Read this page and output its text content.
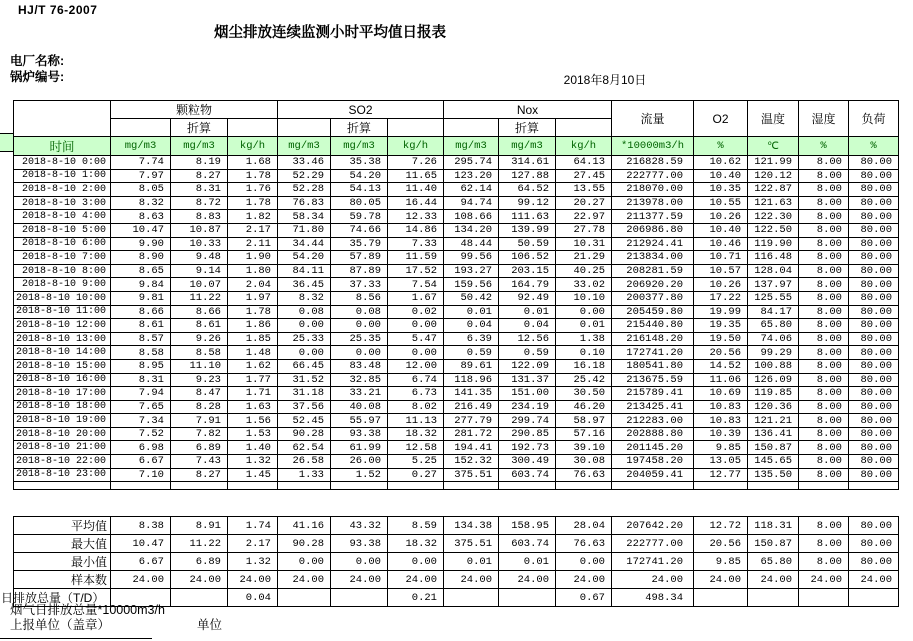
HJ/T 76-2007
烟尘排放连续监测小时平均值日报表
电厂名称:
锅炉编号:	2018年8月10日
	颗粒物			SO2			Nox			流量	O2	温度	湿度	负荷
		折算			折算			折算						
时间	mg/m3	mg/m3	kg/h	mg/m3	mg/m3	kg/h	mg/m3	mg/m3	kg/h	*10000m3/h	%	℃	%	%
2018-8-10 0:00	7.74	8.19	1.68	33.46	35.38	7.26	295.74	314.61	64.13	216828.59	10.62	121.99	8.00	80.00
2018-8-10 1:00	7.97	8.27	1.78	52.29	54.20	11.65	123.20	127.88	27.45	222777.00	10.40	120.12	8.00	80.00
2018-8-10 2:00	8.05	8.31	1.76	52.28	54.13	11.40	62.14	64.52	13.55	218070.00	10.35	122.87	8.00	80.00
2018-8-10 3:00	8.32	8.72	1.78	76.83	80.05	16.44	94.74	99.12	20.27	213978.00	10.55	121.63	8.00	80.00
2018-8-10 4:00	8.63	8.83	1.82	58.34	59.78	12.33	108.66	111.63	22.97	211377.59	10.26	122.30	8.00	80.00
2018-8-10 5:00	10.47	10.87	2.17	71.80	74.66	14.86	134.20	139.99	27.78	206986.80	10.40	122.50	8.00	80.00
2018-8-10 6:00	9.90	10.33	2.11	34.44	35.79	7.33	48.44	50.59	10.31	212924.41	10.46	119.90	8.00	80.00
2018-8-10 7:00	8.90	9.48	1.90	54.20	57.89	11.59	99.56	106.52	21.29	213834.00	10.71	116.48	8.00	80.00
2018-8-10 8:00	8.65	9.14	1.80	84.11	87.89	17.52	193.27	203.15	40.25	208281.59	10.57	128.04	8.00	80.00
2018-8-10 9:00	9.84	10.07	2.04	36.45	37.33	7.54	159.56	164.79	33.02	206920.20	10.26	137.97	8.00	80.00
2018-8-10 10:00	9.81	11.22	1.97	8.32	8.56	1.67	50.42	92.49	10.10	200377.80	17.22	125.55	8.00	80.00
2018-8-10 11:00	8.66	8.66	1.78	0.08	0.08	0.02	0.01	0.01	0.00	205459.80	19.99	84.17	8.00	80.00
2018-8-10 12:00	8.61	8.61	1.86	0.00	0.00	0.00	0.04	0.04	0.01	215440.80	19.35	65.80	8.00	80.00
2018-8-10 13:00	8.57	9.26	1.85	25.33	25.35	5.47	6.39	12.56	1.38	216148.20	19.50	74.06	8.00	80.00
2018-8-10 14:00	8.58	8.58	1.48	0.00	0.00	0.00	0.59	0.59	0.10	172741.20	20.56	99.29	8.00	80.00
2018-8-10 15:00	8.95	11.10	1.62	66.45	83.48	12.00	89.61	122.09	16.18	180541.80	14.52	100.88	8.00	80.00
2018-8-10 16:00	8.31	9.23	1.77	31.52	32.85	6.74	118.96	131.37	25.42	213675.59	11.06	126.09	8.00	80.00
2018-8-10 17:00	7.94	8.47	1.71	31.18	33.21	6.73	141.35	151.00	30.50	215789.41	10.69	119.85	8.00	80.00
2018-8-10 18:00	7.65	8.28	1.63	37.56	40.08	8.02	216.49	234.19	46.20	213425.41	10.83	120.36	8.00	80.00
2018-8-10 19:00	7.34	7.91	1.56	52.45	55.97	11.13	277.79	299.74	58.97	212283.00	10.83	121.21	8.00	80.00
2018-8-10 20:00	7.52	7.82	1.53	90.28	93.38	18.32	281.72	290.85	57.16	202888.80	10.39	136.41	8.00	80.00
2018-8-10 21:00	6.98	6.89	1.40	62.54	61.99	12.58	194.41	192.73	39.10	201145.20	9.85	150.87	8.00	80.00
2018-8-10 22:00	6.67	7.43	1.32	26.58	26.00	5.25	152.32	300.49	30.08	197458.20	13.05	145.65	8.00	80.00
2018-8-10 23:00	7.10	8.27	1.45	1.33	1.52	0.27	375.51	603.74	76.63	204059.41	12.77	135.50	8.00	80.00

平均值	8.38	8.91	1.74	41.16	43.32	8.59	134.38	158.95	28.04	207642.20	12.72	118.31	8.00	80.00
最大值	10.47	11.22	2.17	90.28	93.38	18.32	375.51	603.74	76.63	222777.00	20.56	150.87	8.00	80.00
最小值	6.67	6.89	1.32	0.00	0.00	0.00	0.01	0.01	0.00	172741.20	9.85	65.80	8.00	80.00
样本数	24.00	24.00	24.00	24.00	24.00	24.00	24.00	24.00	24.00	24.00	24.00	24.00	24.00	24.00

日排放总量（T/D）			0.04			0.21			0.67	498.34				
烟气日排放总量*10000m3/h
上报单位（盖章）	单位
